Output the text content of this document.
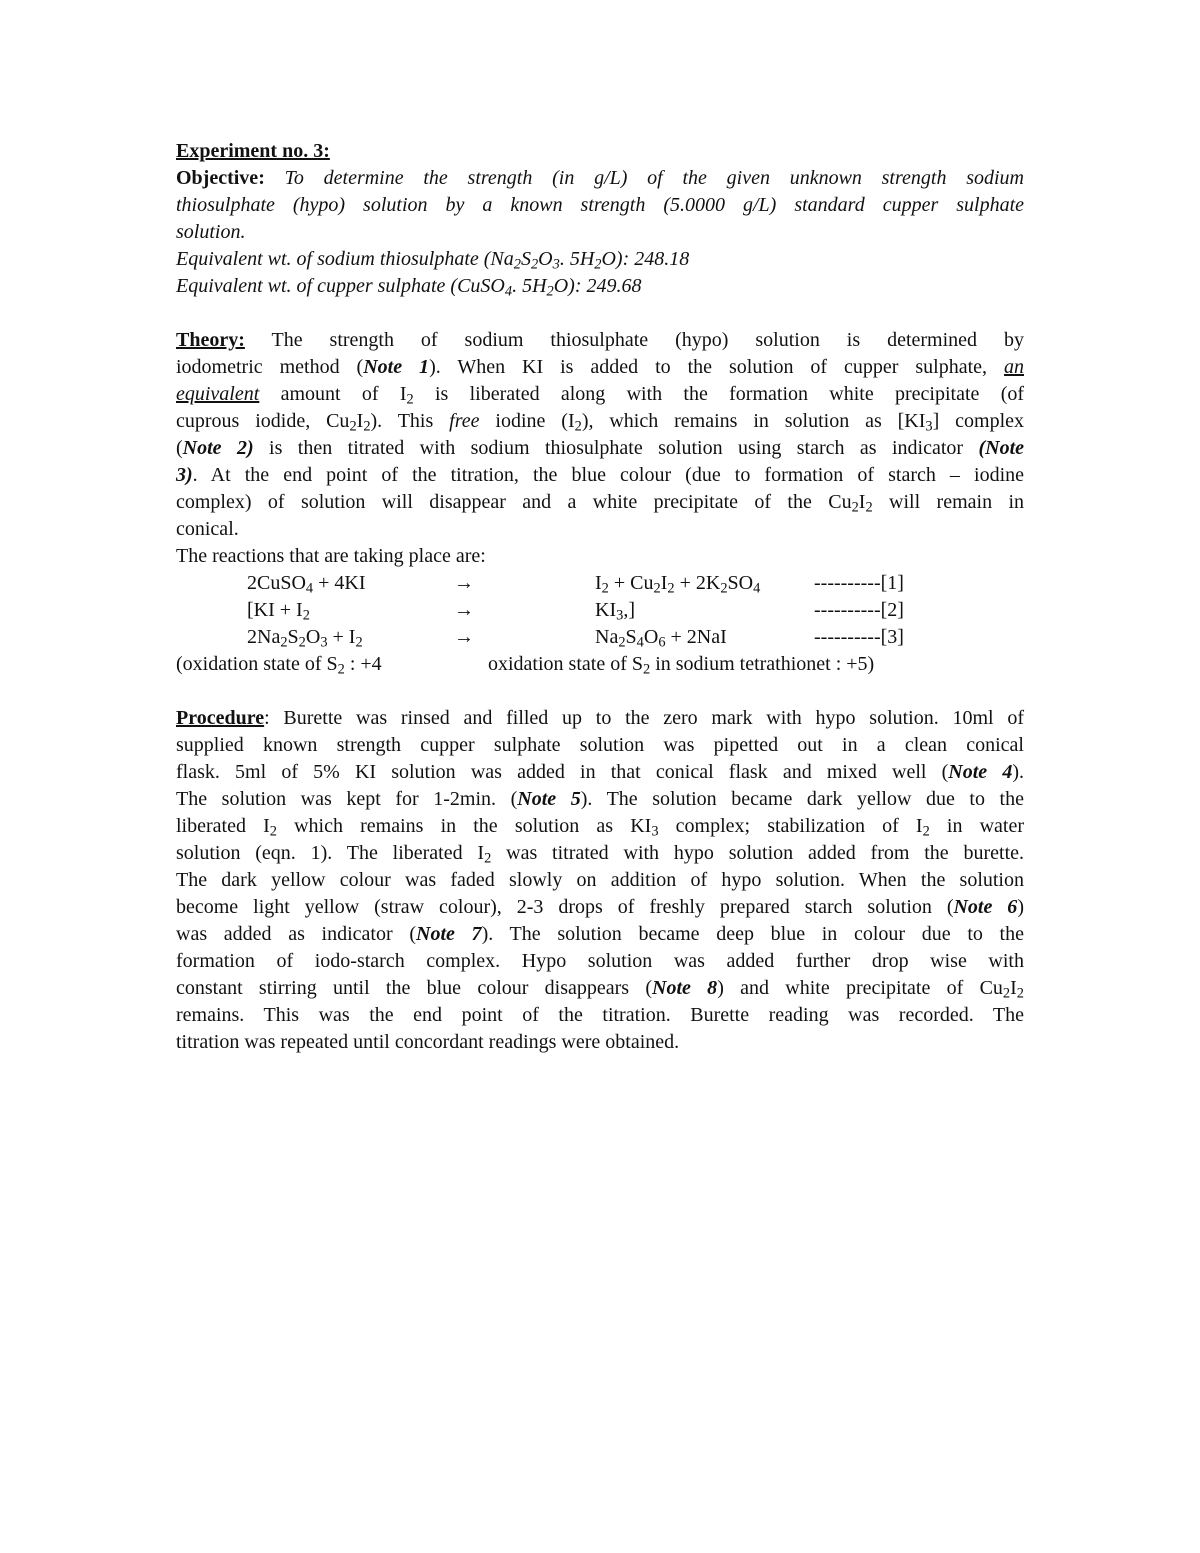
Experiment no. 3:
Objective: To determine the strength (in g/L) of the given unknown strength sodium
thiosulphate (hypo) solution by a known strength (5.0000 g/L) standard cupper sulphate
solution.
Equivalent wt. of sodium thiosulphate ($Na_2S_2O_3$. $5H_2O$): 248.18
Equivalent wt. of cupper sulphate (CuSO$_4$. $5H_2O$): 249.68
Theory: The strength of sodium thiosulphate (hypo) solution is determined by
iodometric method (Note 1). When KI is added to the solution of cupper sulphate, an
equivalent amount of $I_2$ is liberated along with the formation white precipitate (of
cuprous iodide, $Cu_2I_2$). This free iodine $(I_2)$, which remains in solution as $[KI_3]$ complex
(Note 2) is then titrated with sodium thiosulphate solution using starch as indicator (Note
3). At the end point of the titration, the blue colour (due to formation of starch – iodine
complex) of solution will disappear and a white precipitate of the $Cu_2I_2$ will remain in
conical.
The reactions that are taking place are:
2CuSO$_4$ + 4KI	→	$I_2 + Cu_2I_2 + 2K_2SO_4$	----------[1]
[$KI + I_2$	→	$KI_3$,]	----------[2]
$2Na_2S_2O_3 + I_2$	→	$Na_2S_4O_6 + 2NaI$	----------[3]
(oxidation state of $S_2$ : +4	oxidation state of $S_2$ in sodium tetrathionet : +5)
Procedure: Burette was rinsed and filled up to the zero mark with hypo solution. 10ml of
supplied known strength cupper sulphate solution was pipetted out in a clean conical
flask. 5ml of 5% KI solution was added in that conical flask and mixed well (Note 4).
The solution was kept for 1-2min. (Note 5). The solution became dark yellow due to the
liberated $I_2$ which remains in the solution as $KI_3$ complex; stabilization of $I_2$ in water
solution (eqn. 1). The liberated $I_2$ was titrated with hypo solution added from the burette.
The dark yellow colour was faded slowly on addition of hypo solution. When the solution
become light yellow (straw colour), 2-3 drops of freshly prepared starch solution (Note 6)
was added as indicator (Note 7). The solution became deep blue in colour due to the
formation of iodo-starch complex. Hypo solution was added further drop wise with
constant stirring until the blue colour disappears (Note 8) and white precipitate of $Cu_2I_2$
remains. This was the end point of the titration. Burette reading was recorded. The
titration was repeated until concordant readings were obtained.
